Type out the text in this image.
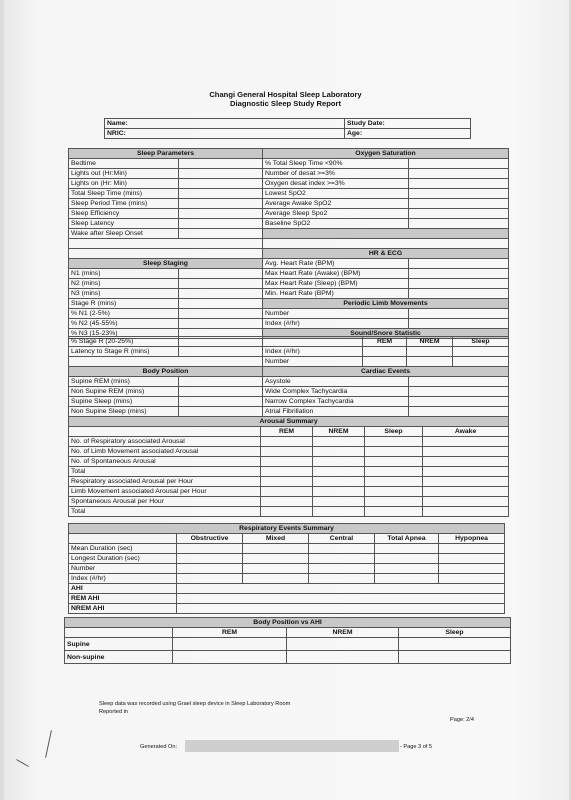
Changi General Hospital Sleep Laboratory
Diagnostic Sleep Study Report
Name:	Study Date:
NRIC:	Age:
Sleep Parameters		Oxygen Saturation	
Bedtime		% Total Sleep Time <90%	
Lights out (Hr:Min)		Number of desat >=3%	
Lights on (Hr: Min)		Oxygen desat index >=3%	
Total Sleep Time (mins)		Lowest SpO2	
Sleep Period Time (mins)		Average Awake SpO2	
Sleep Efficiency		Average Sleep Spo2	
Sleep Latency		Baseline SpO2	
Wake after Sleep Onset			

		HR & ECG	
Sleep Staging		Avg. Heart Rate (BPM)	
N1 (mins)		Max Heart Rate (Awake) (BPM)	
N2 (mins)		Max Heart Rate (Sleep) (BPM)	
N3 (mins)		Min. Heart Rate (BPM)	
Stage R (mins)		Periodic Limb Movements	
% N1 (2-5%)		Number	
% N2 (45-55%)		Index (#/hr)	
% N3 (15-23%)		Sound/Snore Statistic	
% Stage R (20-25%)			REM	NREM	Sleep
Latency to Stage R (mins)		Index (#/hr)			
		Number			
Body Position		Cardiac Events	
Supine REM (mins)		Asystole	
Non Supine REM (mins)		Wide Complex Tachycardia	
Supine Sleep (mins)		Narrow Complex Tachycardia	
Non Supine Sleep (mins)		Atrial Fibrillation	
Arousal Summary				
	REM	NREM	Sleep	Awake
No. of Respiratory associated Arousal				
No. of Limb Movement associated Arousal				
No. of Spontaneous Arousal				
Total				
Respiratory associated Arousal per Hour				
Limb Movement associated Arousal per Hour				
Spontaneous Arousal per Hour				
Total				
Respiratory Events Summary					
	Obstructive	Mixed	Central	Total Apnea	Hypopnea
Mean Duration (sec)					
Longest Duration (sec)					
Number					
Index (#/hr)					
AHI					
REM AHI					
NREM AHI					
Body Position vs AHI			
	REM	NREM	Sleep
Supine			
Non-supine			
Sleep data was recorded using Grael sleep device in Sleep Laboratory Room
Reported in
Page: 2/4
Generated On:	- Page 3 of 5
